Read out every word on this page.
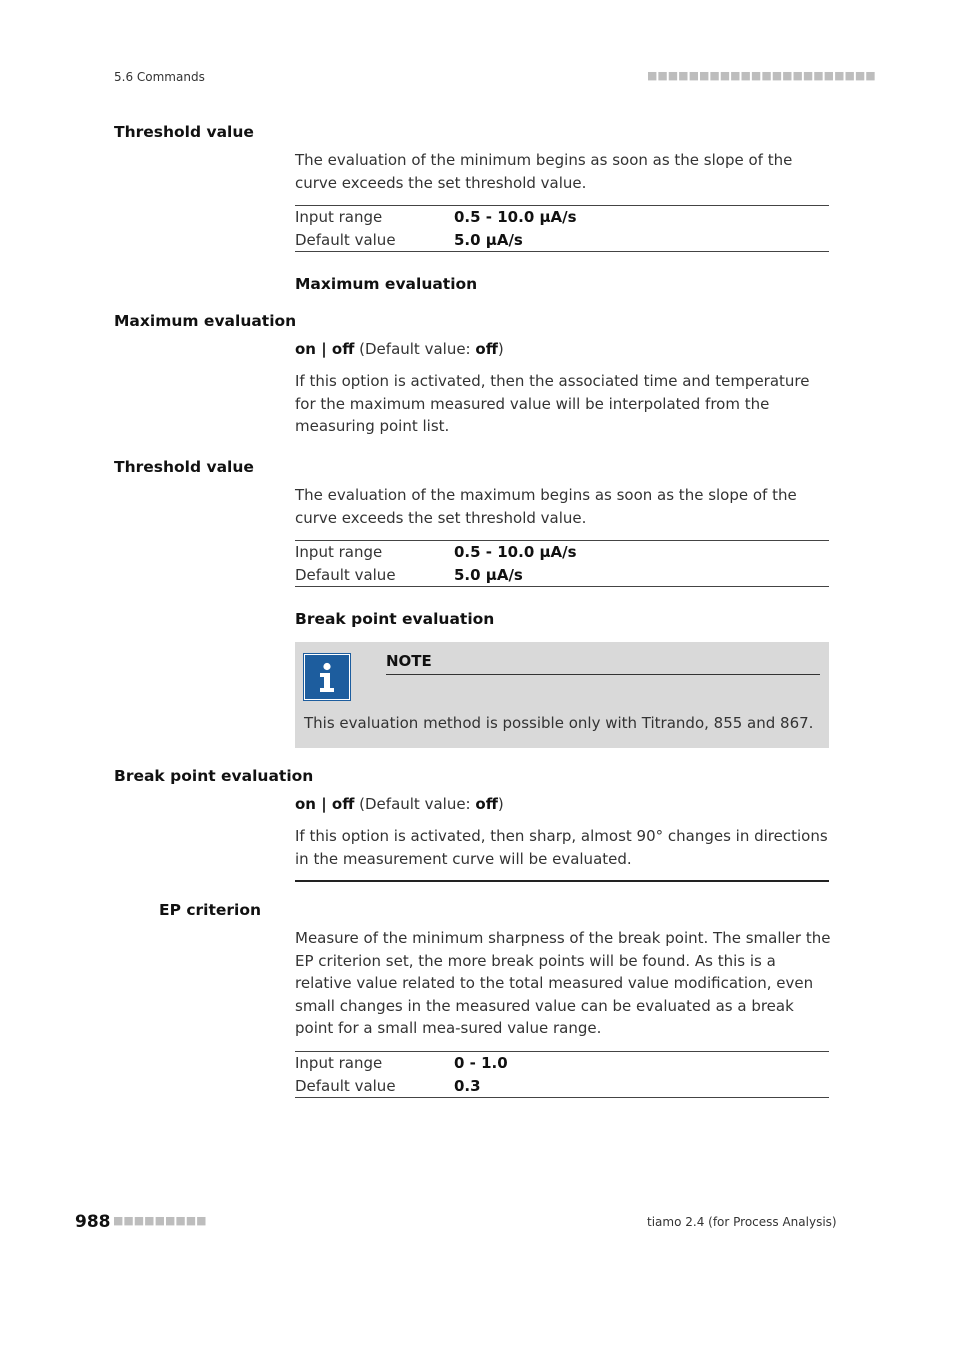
5.6 Commands	■■■■■■■■■■■■■■■■■■■■■■
Threshold value
The evaluation of the minimum begins as soon as the slope of the curve exceeds the set threshold value.
Input range	0.5 - 10.0 µA/s
Default value	5.0 µA/s
Maximum evaluation
Maximum evaluation
on | off (Default value: off)
If this option is activated, then the associated time and temperature for the maximum measured value will be interpolated from the measuring point list.
Threshold value
The evaluation of the maximum begins as soon as the slope of the curve exceeds the set threshold value.
Input range	0.5 - 10.0 µA/s
Default value	5.0 µA/s
Break point evaluation
NOTE
This evaluation method is possible only with Titrando, 855 and 867.
Break point evaluation
on | off (Default value: off)
If this option is activated, then sharp, almost 90° changes in directions in the measurement curve will be evaluated.
EP criterion
Measure of the minimum sharpness of the break point. The smaller the EP criterion set, the more break points will be found. As this is a relative value related to the total measured value modification, even small changes in the measured value can be evaluated as a break point for a small mea-sured value range.
Input range	0 - 1.0
Default value	0.3
988 ■■■■■■■■■	tiamo 2.4 (for Process Analysis)
